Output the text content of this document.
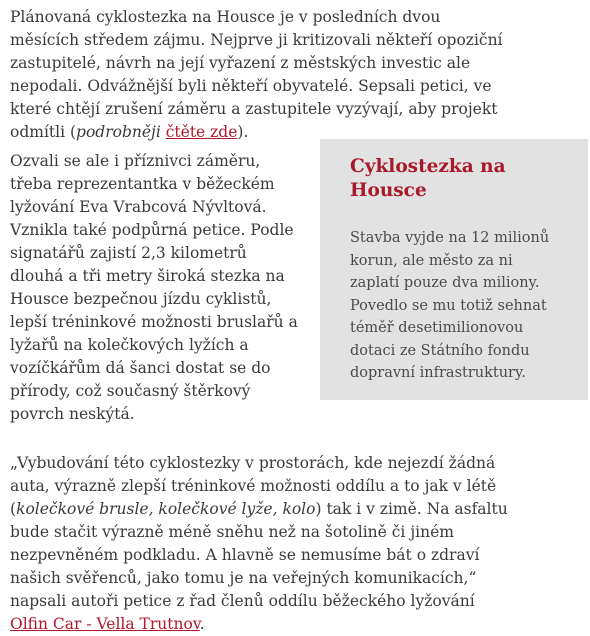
Plánovaná cyklostezka na Housce je v posledních dvou měsících středem zájmu. Nejprve ji kritizovali někteří opoziční zastupitelé, návrh na její vyřazení z městských investic ale nepodali. Odvážnější byli někteří obyvatelé. Sepsali petici, ve které chtějí zrušení záměru a zastupitele vyzývají, aby projekt odmítli (podrobněji čtěte zde).

Ozvali se ale i příznivci záměru, třeba reprezentantka v běžeckém lyžování Eva Vrabcová Nývltová. Vznikla také podpůrná petice. Podle signatářů zajistí 2,3 kilometrů dlouhá a tři metry široká stezka na Housce bezpečnou jízdu cyklistů, lepší tréninkové možnosti bruslařů a lyžařů na kolečkových lyžích a vozíčkářům dá šanci dostat se do přírody, což současný štěrkový povrch neskýtá.

Cyklostezka na Housce

Stavba vyjde na 12 milionů korun, ale město za ni zaplatí pouze dva miliony. Povedlo se mu totiž sehnat téměř desetimilionovou dotaci ze Státního fondu dopravní infrastruktury.

„Vybudování této cyklostezky v prostorách, kde nejezdí žádná auta, výrazně zlepší tréninkové možnosti oddílu a to jak v létě (kolečkové brusle, kolečkové lyže, kolo) tak i v zimě. Na asfaltu bude stačit výrazně méně sněhu než na šotolině či jiném nezpevněném podkladu. A hlavně se nemusíme bát o zdraví našich svěřenců, jako tomu je na veřejných komunikacích,“ napsali autoři petice z řad členů oddílu běžeckého lyžování Olfin Car - Vella Trutnov.
